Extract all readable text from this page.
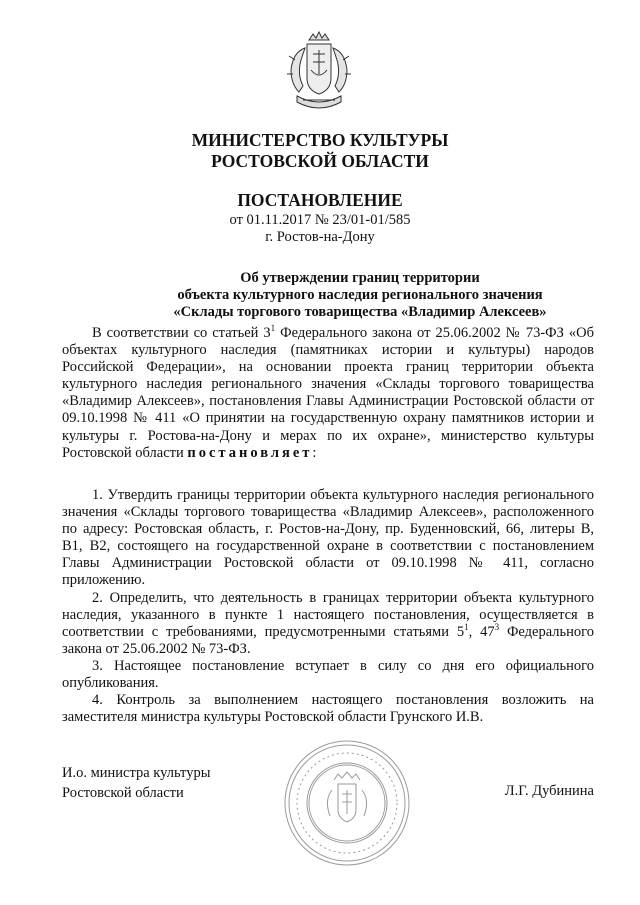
МИНИСТЕРСТВО КУЛЬТУРЫ
РОСТОВСКОЙ ОБЛАСТИ
ПОСТАНОВЛЕНИЕ
от 01.11.2017 № 23/01-01/585
г. Ростов-на-Дону
Об утверждении границ территории
объекта культурного наследия регионального значения
«Склады торгового товарищества «Владимир Алексеев»

В соответствии со статьей $3^1$ Федерального закона от 25.06.2002 № 73-ФЗ «Об объектах культурного наследия (памятниках истории и культуры) народов Российской Федерации», на основании проекта границ территории объекта культурного наследия регионального значения «Склады торгового товарищества «Владимир Алексеев», постановления Главы Администрации Ростовской области от 09.10.1998 № 411 «О принятии на государственную охрану памятников истории и культуры г. Ростова-на-Дону и мерах по их охране», министерство культуры Ростовской области постановляет:

1. Утвердить границы территории объекта культурного наследия регионального значения «Склады торгового товарищества «Владимир Алексеев», расположенного по адресу: Ростовская область, г. Ростов-на-Дону, пр. Буденновский, 66, литеры В, В1, В2, состоящего на государственной охране в соответствии с постановлением Главы Администрации Ростовской области от 09.10.1998 № 411, согласно приложению.

2. Определить, что деятельность в границах территории объекта культурного наследия, указанного в пункте 1 настоящего постановления, осуществляется в соответствии с требованиями, предусмотренными статьями $5^1$, $47^3$ Федерального закона от 25.06.2002 № 73-ФЗ.

3. Настоящее постановление вступает в силу со дня его официального опубликования.

4. Контроль за выполнением настоящего постановления возложить на заместителя министра культуры Ростовской области Грунского И.В.

И.о. министра культуры
Ростовской области	Л.Г. Дубинина
